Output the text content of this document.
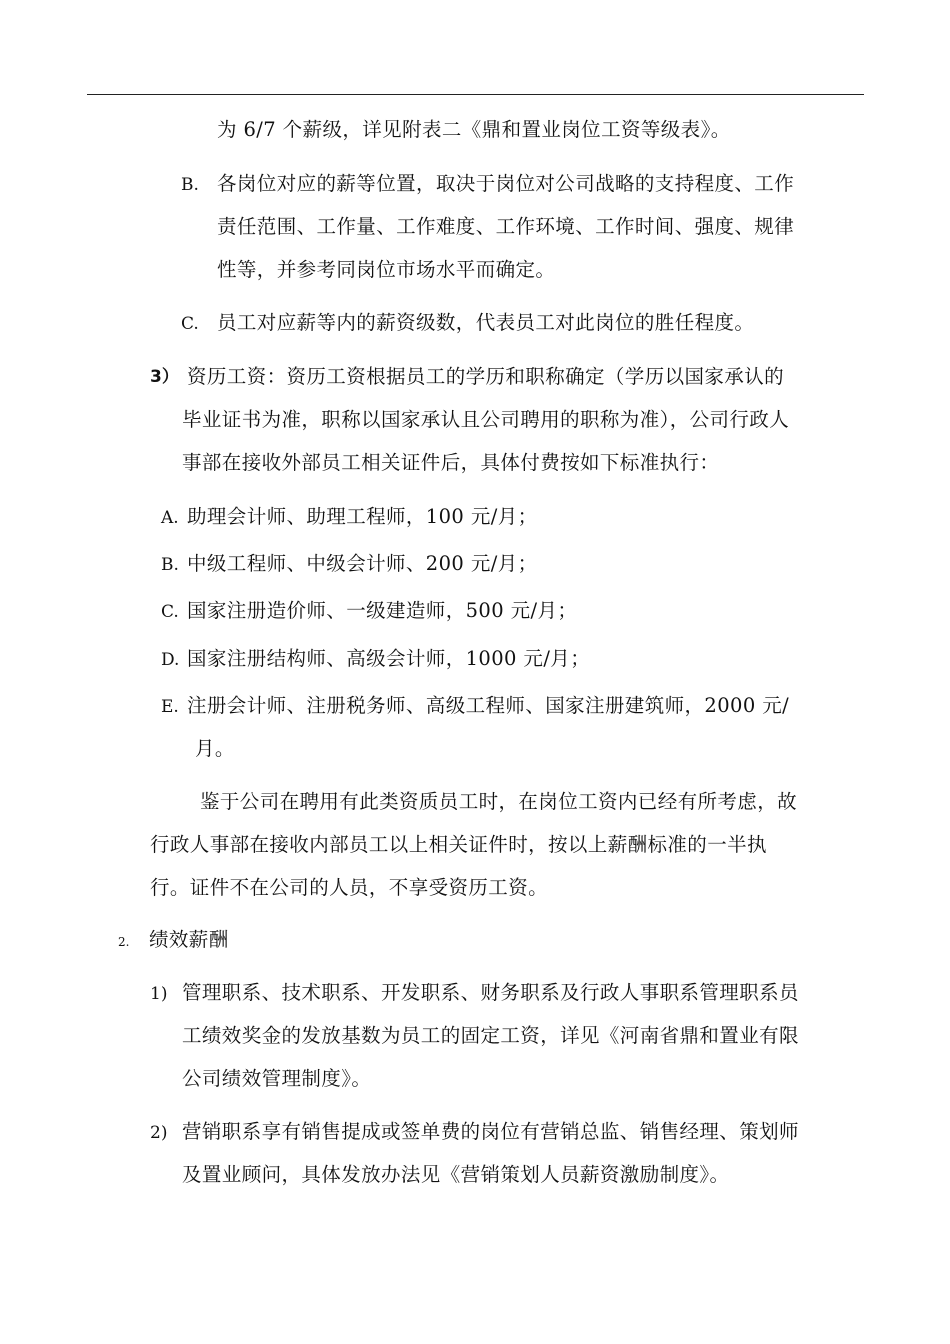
为 6/7 个薪级，详见附表二《鼎和置业岗位工资等级表》。
B. 各岗位对应的薪等位置，取决于岗位对公司战略的支持程度、工作
责任范围、工作量、工作难度、工作环境、工作时间、强度、规律
性等，并参考同岗位市场水平而确定。
C. 员工对应薪等内的薪资级数，代表员工对此岗位的胜任程度。
3） 资历工资：资历工资根据员工的学历和职称确定（学历以国家承认的
毕业证书为准，职称以国家承认且公司聘用的职称为准），公司行政人
事部在接收外部员工相关证件后，具体付费按如下标准执行：
A. 助理会计师、助理工程师，100 元/月；
B. 中级工程师、中级会计师、200 元/月；
C. 国家注册造价师、一级建造师，500 元/月；
D. 国家注册结构师、高级会计师，1000 元/月；
E. 注册会计师、注册税务师、高级工程师、国家注册建筑师，2000 元/
月。
鉴于公司在聘用有此类资质员工时，在岗位工资内已经有所考虑，故
行政人事部在接收内部员工以上相关证件时，按以上薪酬标准的一半执
行。证件不在公司的人员，不享受资历工资。
2. 绩效薪酬
1) 管理职系、技术职系、开发职系、财务职系及行政人事职系管理职系员
工绩效奖金的发放基数为员工的固定工资，详见《河南省鼎和置业有限
公司绩效管理制度》。
2) 营销职系享有销售提成或签单费的岗位有营销总监、销售经理、策划师
及置业顾问，具体发放办法见《营销策划人员薪资激励制度》。
